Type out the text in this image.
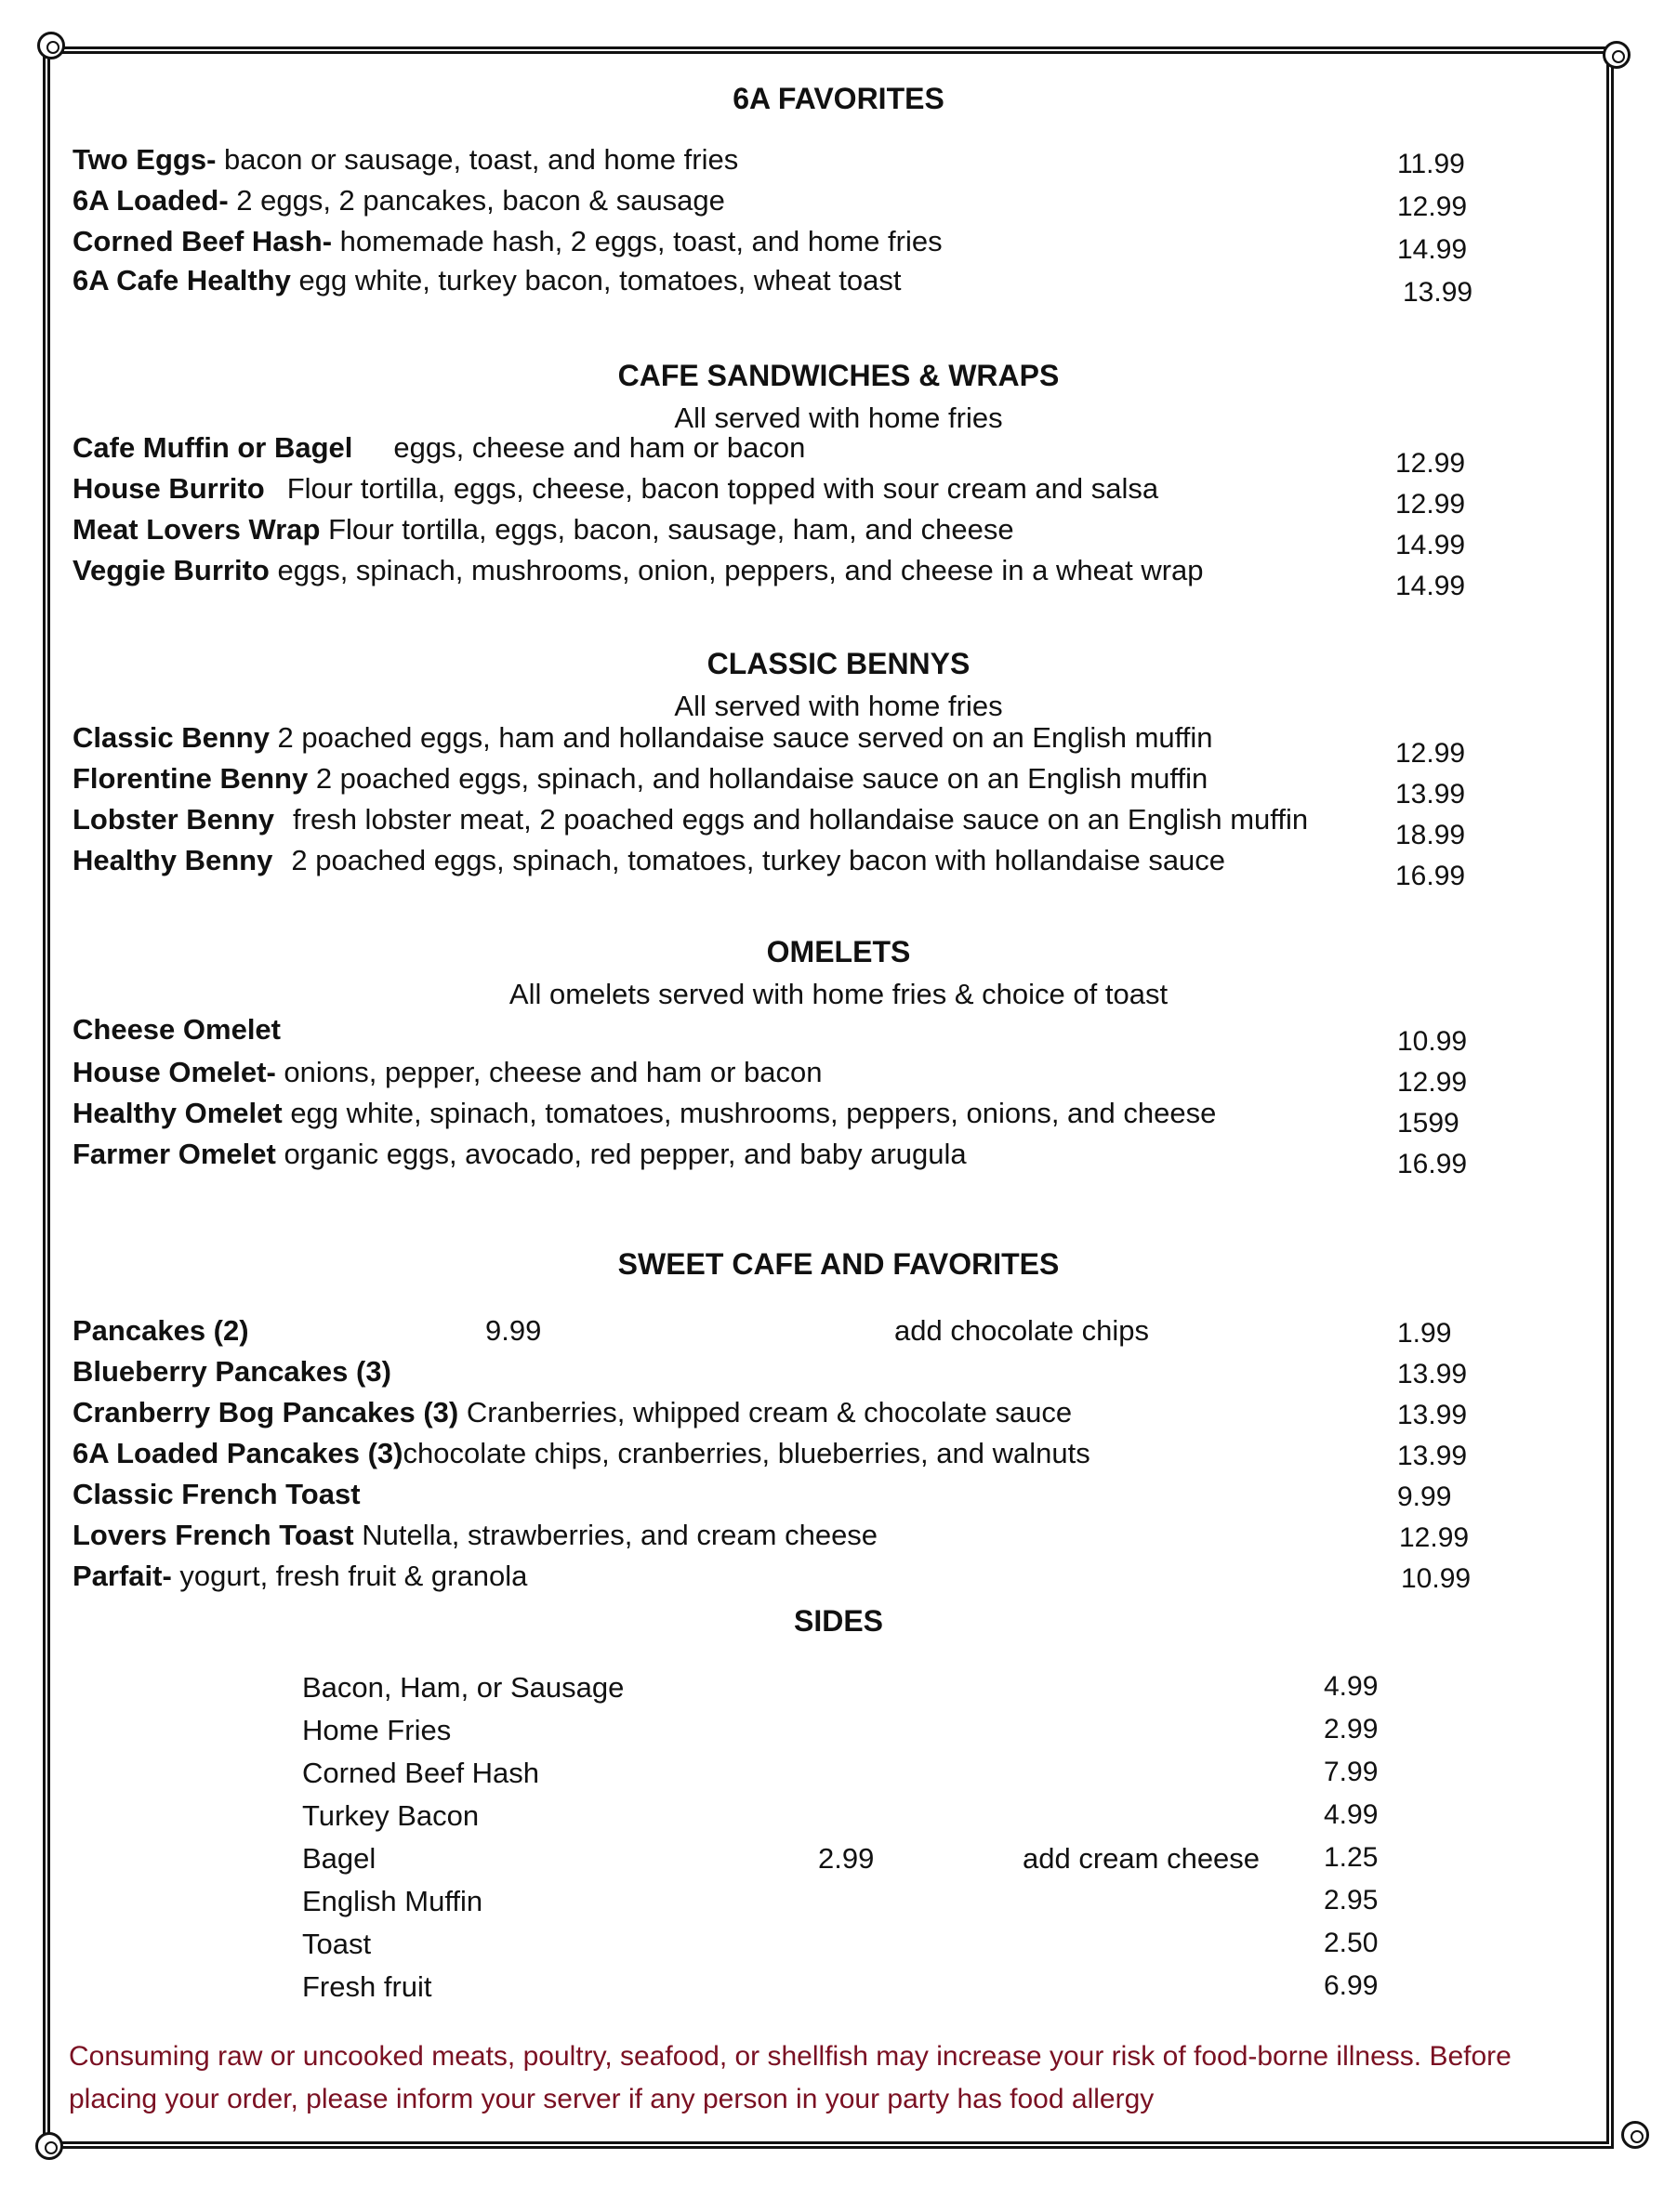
6A FAVORITES
Two Eggs- bacon or sausage, toast, and home fries	11.99
6A Loaded- 2 eggs, 2 pancakes, bacon & sausage	12.99
Corned Beef Hash- homemade hash, 2 eggs, toast, and home fries	14.99
6A Cafe Healthy egg white, turkey bacon, tomatoes, wheat toast	13.99
CAFE SANDWICHES & WRAPS
All served with home fries
Cafe Muffin or Bagel eggs, cheese and ham or bacon	12.99
House Burrito Flour tortilla, eggs, cheese, bacon topped with sour cream and salsa	12.99
Meat Lovers Wrap Flour tortilla, eggs, bacon, sausage, ham, and cheese	14.99
Veggie Burrito eggs, spinach, mushrooms, onion, peppers, and cheese in a wheat wrap	14.99
CLASSIC BENNYS
All served with home fries
Classic Benny 2 poached eggs, ham and hollandaise sauce served on an English muffin	12.99
Florentine Benny 2 poached eggs, spinach, and hollandaise sauce on an English muffin	13.99
Lobster Benny fresh lobster meat, 2 poached eggs and hollandaise sauce on an English muffin	18.99
Healthy Benny 2 poached eggs, spinach, tomatoes, turkey bacon with hollandaise sauce	16.99
OMELETS
All omelets served with home fries & choice of toast
Cheese Omelet	10.99
House Omelet- onions, pepper, cheese and ham or bacon	12.99
Healthy Omelet egg white, spinach, tomatoes, mushrooms, peppers, onions, and cheese	1599
Farmer Omelet organic eggs, avocado, red pepper, and baby arugula	16.99
SWEET CAFE AND FAVORITES
Pancakes (2)	9.99	add chocolate chips	1.99
Blueberry Pancakes (3)	13.99
Cranberry Bog Pancakes (3) Cranberries, whipped cream & chocolate sauce	13.99
6A Loaded Pancakes (3)chocolate chips, cranberries, blueberries, and walnuts	13.99
Classic French Toast	9.99
Lovers French Toast Nutella, strawberries, and cream cheese	12.99
Parfait- yogurt, fresh fruit & granola	10.99
SIDES
Bacon, Ham, or Sausage	4.99
Home Fries	2.99
Corned Beef Hash	7.99
Turkey Bacon	4.99
Bagel	2.99	add cream cheese 1.25
English Muffin	2.95
Toast	2.50
Fresh fruit	6.99
Consuming raw or uncooked meats, poultry, seafood, or shellfish may increase your risk of food-borne illness. Before placing your order, please inform your server if any person in your party has food allergy
